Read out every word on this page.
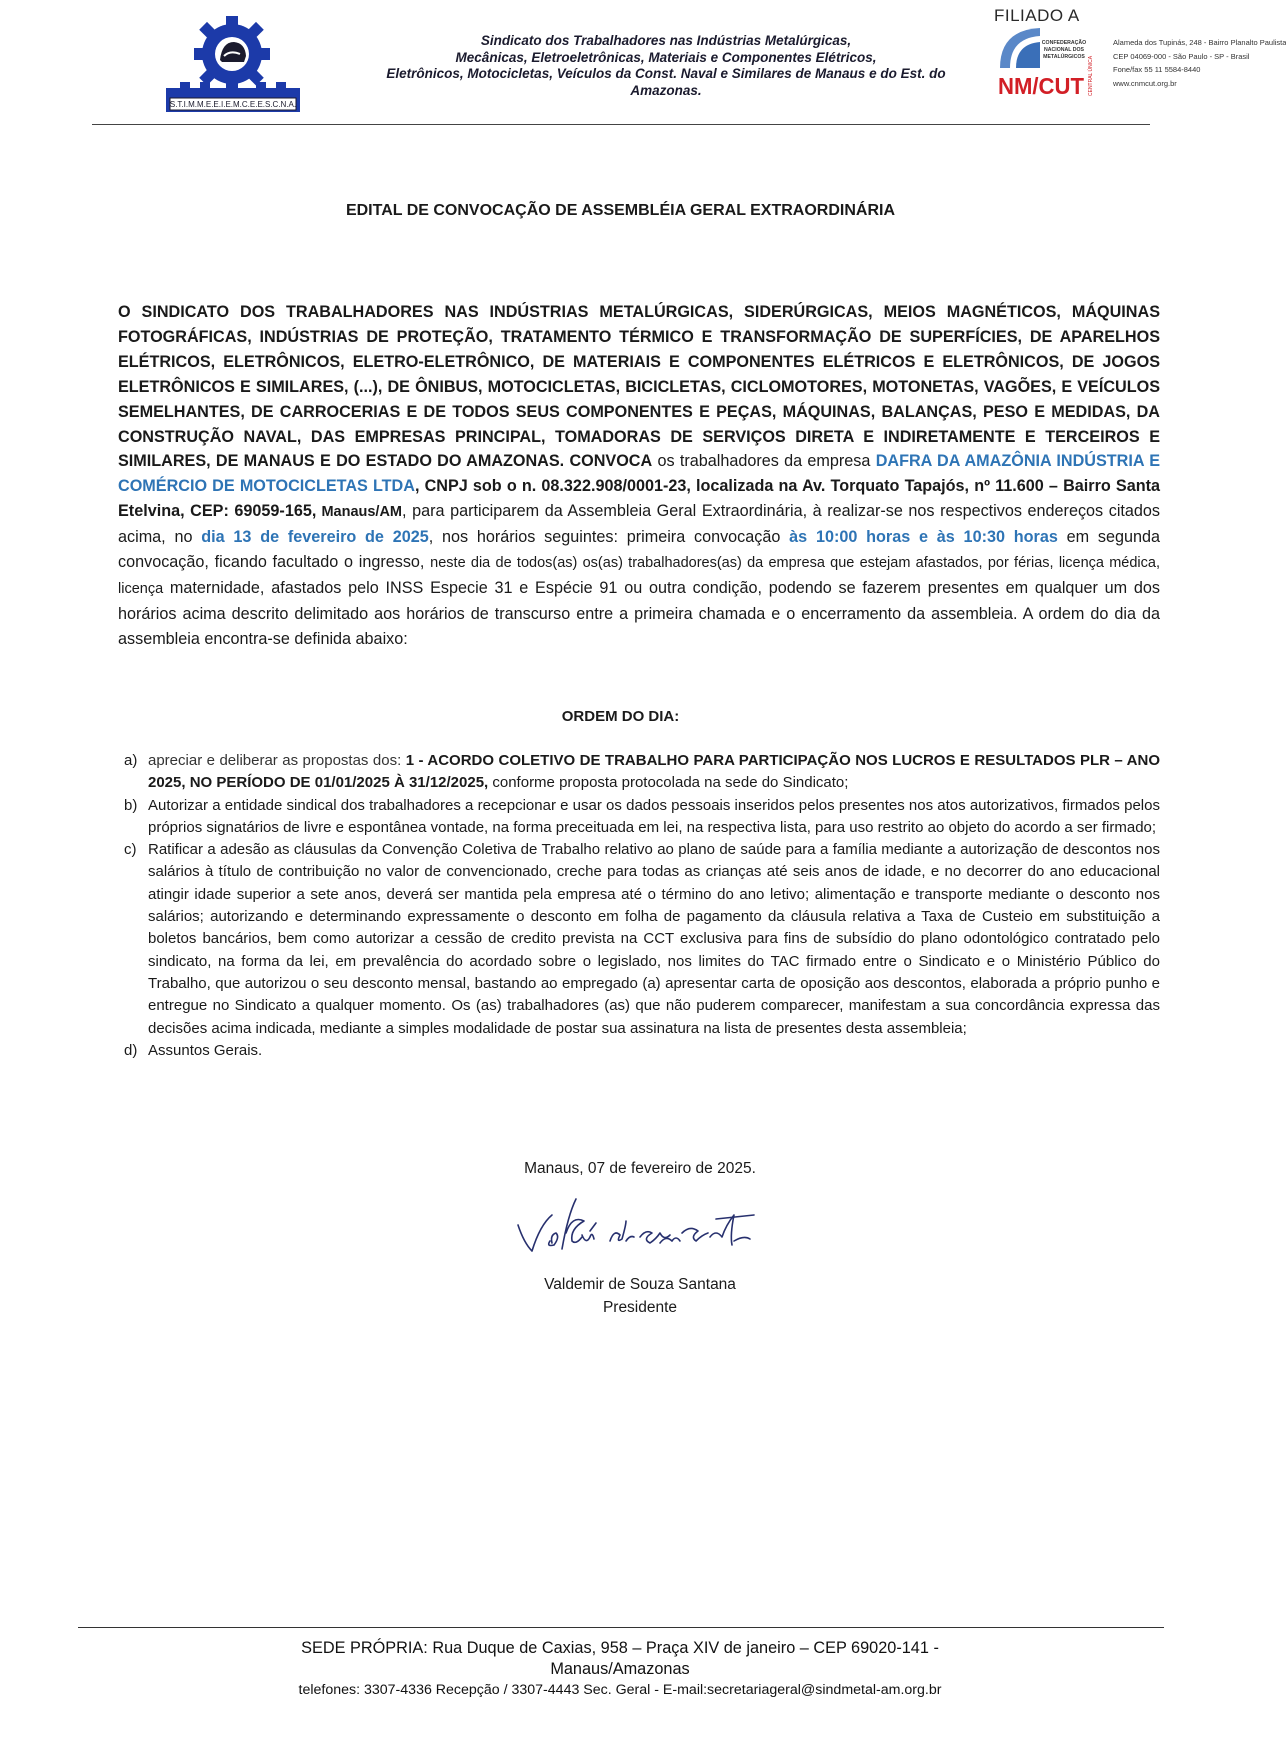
S.T.I.M.M.E.E.I.E.M.C.E.E.S.C.N.A.
Sindicato dos Trabalhadores nas Indústrias Metalúrgicas,
Mecânicas, Eletroeletrônicas, Materiais e Componentes Elétricos,
Eletrônicos, Motocicletas, Veículos da Const. Naval e Similares de Manaus e do Est. do
Amazonas.
FILIADO A
CONFEDERAÇÃO
NACIONAL DOS
METALÚRGICOS
NM/CUT CENTRAL ÚNICA
Alameda dos Tupinás, 248 - Bairro Planalto Paulista
CEP 04069-000 - São Paulo - SP - Brasil
Fone/fax 55 11 5584-8440
www.cnmcut.org.br
EDITAL DE CONVOCAÇÃO DE ASSEMBLÉIA GERAL EXTRAORDINÁRIA
O SINDICATO DOS TRABALHADORES NAS INDÚSTRIAS METALÚRGICAS, SIDERÚRGICAS, MEIOS MAGNÉTICOS, MÁQUINAS FOTOGRÁFICAS, INDÚSTRIAS DE PROTEÇÃO, TRATAMENTO TÉRMICO E TRANSFORMAÇÃO DE SUPERFÍCIES, DE APARELHOS ELÉTRICOS, ELETRÔNICOS, ELETRO-ELETRÔNICO, DE MATERIAIS E COMPONENTES ELÉTRICOS E ELETRÔNICOS, DE JOGOS ELETRÔNICOS E SIMILARES, (...), DE ÔNIBUS, MOTOCICLETAS, BICICLETAS, CICLOMOTORES, MOTONETAS, VAGÕES, E VEÍCULOS SEMELHANTES, DE CARROCERIAS E DE TODOS SEUS COMPONENTES E PEÇAS, MÁQUINAS, BALANÇAS, PESO E MEDIDAS, DA CONSTRUÇÃO NAVAL, DAS EMPRESAS PRINCIPAL, TOMADORAS DE SERVIÇOS DIRETA E INDIRETAMENTE E TERCEIROS E SIMILARES, DE MANAUS E DO ESTADO DO AMAZONAS. CONVOCA os trabalhadores da empresa DAFRA DA AMAZÔNIA INDÚSTRIA E COMÉRCIO DE MOTOCICLETAS LTDA, CNPJ sob o n. 08.322.908/0001-23, localizada na Av. Torquato Tapajós, nº 11.600 – Bairro Santa Etelvina, CEP: 69059-165, Manaus/AM, para participarem da Assembleia Geral Extraordinária, à realizar-se nos respectivos endereços citados acima, no dia 13 de fevereiro de 2025, nos horários seguintes: primeira convocação às 10:00 horas e às 10:30 horas em segunda convocação, ficando facultado o ingresso, neste dia de todos(as) os(as) trabalhadores(as) da empresa que estejam afastados, por férias, licença médica, licença maternidade, afastados pelo INSS Especie 31 e Espécie 91 ou outra condição, podendo se fazerem presentes em qualquer um dos horários acima descrito delimitado aos horários de transcurso entre a primeira chamada e o encerramento da assembleia. A ordem do dia da assembleia encontra-se definida abaixo:
ORDEM DO DIA:
a) apreciar e deliberar as propostas dos: 1 - ACORDO COLETIVO DE TRABALHO PARA PARTICIPAÇÃO NOS LUCROS E RESULTADOS PLR – ANO 2025, NO PERÍODO DE 01/01/2025 À 31/12/2025, conforme proposta protocolada na sede do Sindicato;
b) Autorizar a entidade sindical dos trabalhadores a recepcionar e usar os dados pessoais inseridos pelos presentes nos atos autorizativos, firmados pelos próprios signatários de livre e espontânea vontade, na forma preceituada em lei, na respectiva lista, para uso restrito ao objeto do acordo a ser firmado;
c) Ratificar a adesão as cláusulas da Convenção Coletiva de Trabalho relativo ao plano de saúde para a família mediante a autorização de descontos nos salários à título de contribuição no valor de convencionado, creche para todas as crianças até seis anos de idade, e no decorrer do ano educacional atingir idade superior a sete anos, deverá ser mantida pela empresa até o término do ano letivo; alimentação e transporte mediante o desconto nos salários; autorizando e determinando expressamente o desconto em folha de pagamento da cláusula relativa a Taxa de Custeio em substituição a boletos bancários, bem como autorizar a cessão de credito prevista na CCT exclusiva para fins de subsídio do plano odontológico contratado pelo sindicato, na forma da lei, em prevalência do acordado sobre o legislado, nos limites do TAC firmado entre o Sindicato e o Ministério Público do Trabalho, que autorizou o seu desconto mensal, bastando ao empregado (a) apresentar carta de oposição aos descontos, elaborada a próprio punho e entregue no Sindicato a qualquer momento. Os (as) trabalhadores (as) que não puderem comparecer, manifestam a sua concordância expressa das decisões acima indicada, mediante a simples modalidade de postar sua assinatura na lista de presentes desta assembleia;
d) Assuntos Gerais.
Manaus, 07 de fevereiro de 2025.
Valdemir de Souza Santana
Presidente
SEDE PRÓPRIA: Rua Duque de Caxias, 958 – Praça XIV de janeiro – CEP 69020-141 -
Manaus/Amazonas
telefones: 3307-4336 Recepção / 3307-4443 Sec. Geral - E-mail:secretariageral@sindmetal-am.org.br
